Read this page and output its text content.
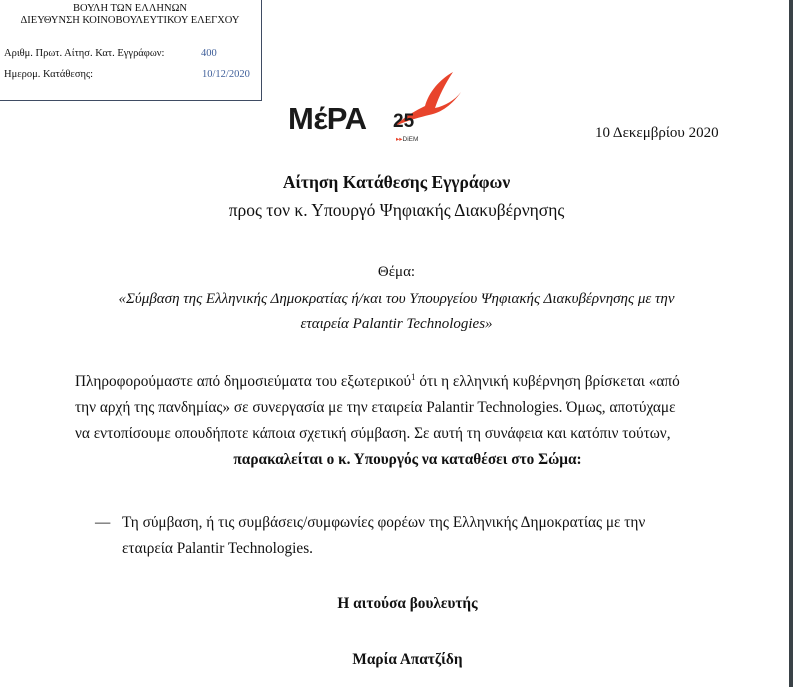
ΒΟΥΛΗ ΤΩΝ ΕΛΛΗΝΩΝ
ΔΙΕΥΘΥΝΣΗ ΚΟΙΝΟΒΟΥΛΕΥΤΙΚΟΥ ΕΛΕΓΧΟΥ
Αριθμ. Πρωτ. Αίτησ. Κατ. Εγγράφων:	400
Ημερομ. Κατάθεσης:	10/12/2020
ΜέΡΑ 25
▸▸DiEM	10 Δεκεμβρίου 2020
Αίτηση Κατάθεσης Εγγράφων
προς τον κ. Υπουργό Ψηφιακής Διακυβέρνησης
Θέμα:
«Σύμβαση της Ελληνικής Δημοκρατίας ή/και του Υπουργείου Ψηφιακής Διακυβέρνησης με την
εταιρεία Palantir Technologies»
Πληροφορούμαστε από δημοσιεύματα του εξωτερικού$^1$ ότι η ελληνική κυβέρνηση βρίσκεται «από
την αρχή της πανδημίας» σε συνεργασία με την εταιρεία Palantir Technologies. Όμως, αποτύχαμε
να εντοπίσουμε οπουδήποτε κάποια σχετική σύμβαση. Σε αυτή τη συνάφεια και κατόπιν τούτων,
παρακαλείται ο κ. Υπουργός να καταθέσει στο Σώμα:
— Τη σύμβαση, ή τις συμβάσεις/συμφωνίες φορέων της Ελληνικής Δημοκρατίας με την
εταιρεία Palantir Technologies.
Η αιτούσα βουλευτής
Μαρία Απατζίδη
